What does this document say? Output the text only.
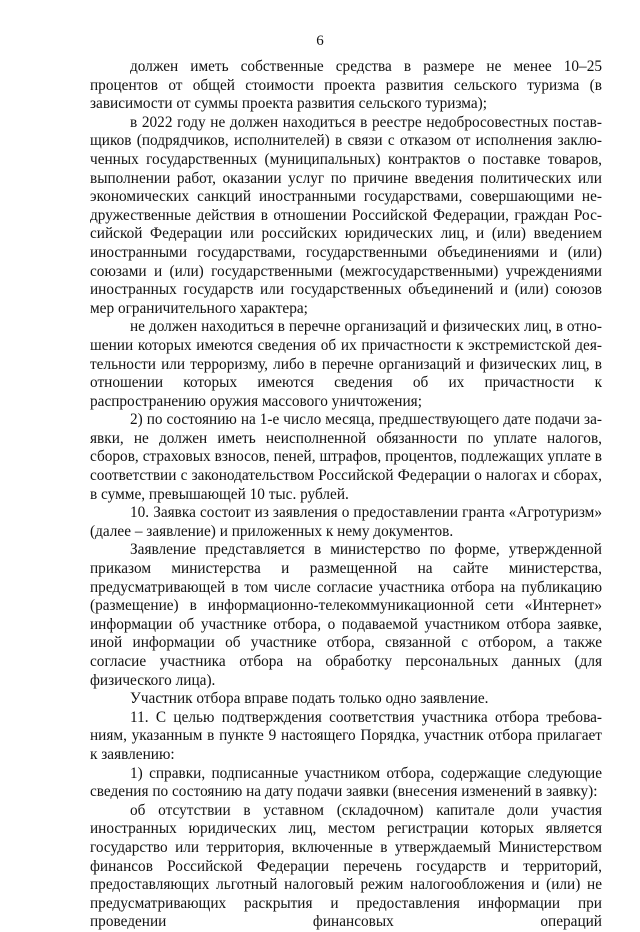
6

должен иметь собственные средства в размере не менее 10–25 процентов от общей стоимости проекта развития сельского туризма (в зависимости от суммы проекта развития сельского туризма);

в 2022 году не должен находиться в реестре недобросовестных поставщиков (подрядчиков, исполнителей) в связи с отказом от исполнения заключенных государственных (муниципальных) контрактов о поставке товаров, выполнении работ, оказании услуг по причине введения политических или экономических санкций иностранными государствами, совершающими недружественные действия в отношении Российской Федерации, граждан Российской Федерации или российских юридических лиц, и (или) введением иностранными государствами, государственными объединениями и (или) союзами и (или) государственными (межгосударственными) учреждениями иностранных государств или государственных объединений и (или) союзов мер ограничительного характера;

не должен находиться в перечне организаций и физических лиц, в отношении которых имеются сведения об их причастности к экстремистской деятельности или терроризму, либо в перечне организаций и физических лиц, в отношении которых имеются сведения об их причастности к распространению оружия массового уничтожения;

2) по состоянию на 1-е число месяца, предшествующего дате подачи заявки, не должен иметь неисполненной обязанности по уплате налогов, сборов, страховых взносов, пеней, штрафов, процентов, подлежащих уплате в соответствии с законодательством Российской Федерации о налогах и сборах, в сумме, превышающей 10 тыс. рублей.

10. Заявка состоит из заявления о предоставлении гранта «Агротуризм» (далее – заявление) и приложенных к нему документов.

Заявление представляется в министерство по форме, утвержденной приказом министерства и размещенной на сайте министерства, предусматривающей в том числе согласие участника отбора на публикацию (размещение) в информационно-телекоммуникационной сети «Интернет» информации об участнике отбора, о подаваемой участником отбора заявке, иной информации об участнике отбора, связанной с отбором, а также согласие участника отбора на обработку персональных данных (для физического лица).

Участник отбора вправе подать только одно заявление.

11. С целью подтверждения соответствия участника отбора требованиям, указанным в пункте 9 настоящего Порядка, участник отбора прилагает к заявлению:

1) справки, подписанные участником отбора, содержащие следующие сведения по состоянию на дату подачи заявки (внесения изменений в заявку):

об отсутствии в уставном (складочном) капитале доли участия иностранных юридических лиц, местом регистрации которых является государство или территория, включенные в утверждаемый Министерством финансов Российской Федерации перечень государств и территорий, предоставляющих льготный налоговый режим налогообложения и (или) не предусматривающих раскрытия и предоставления информации при проведении финансовых операций
